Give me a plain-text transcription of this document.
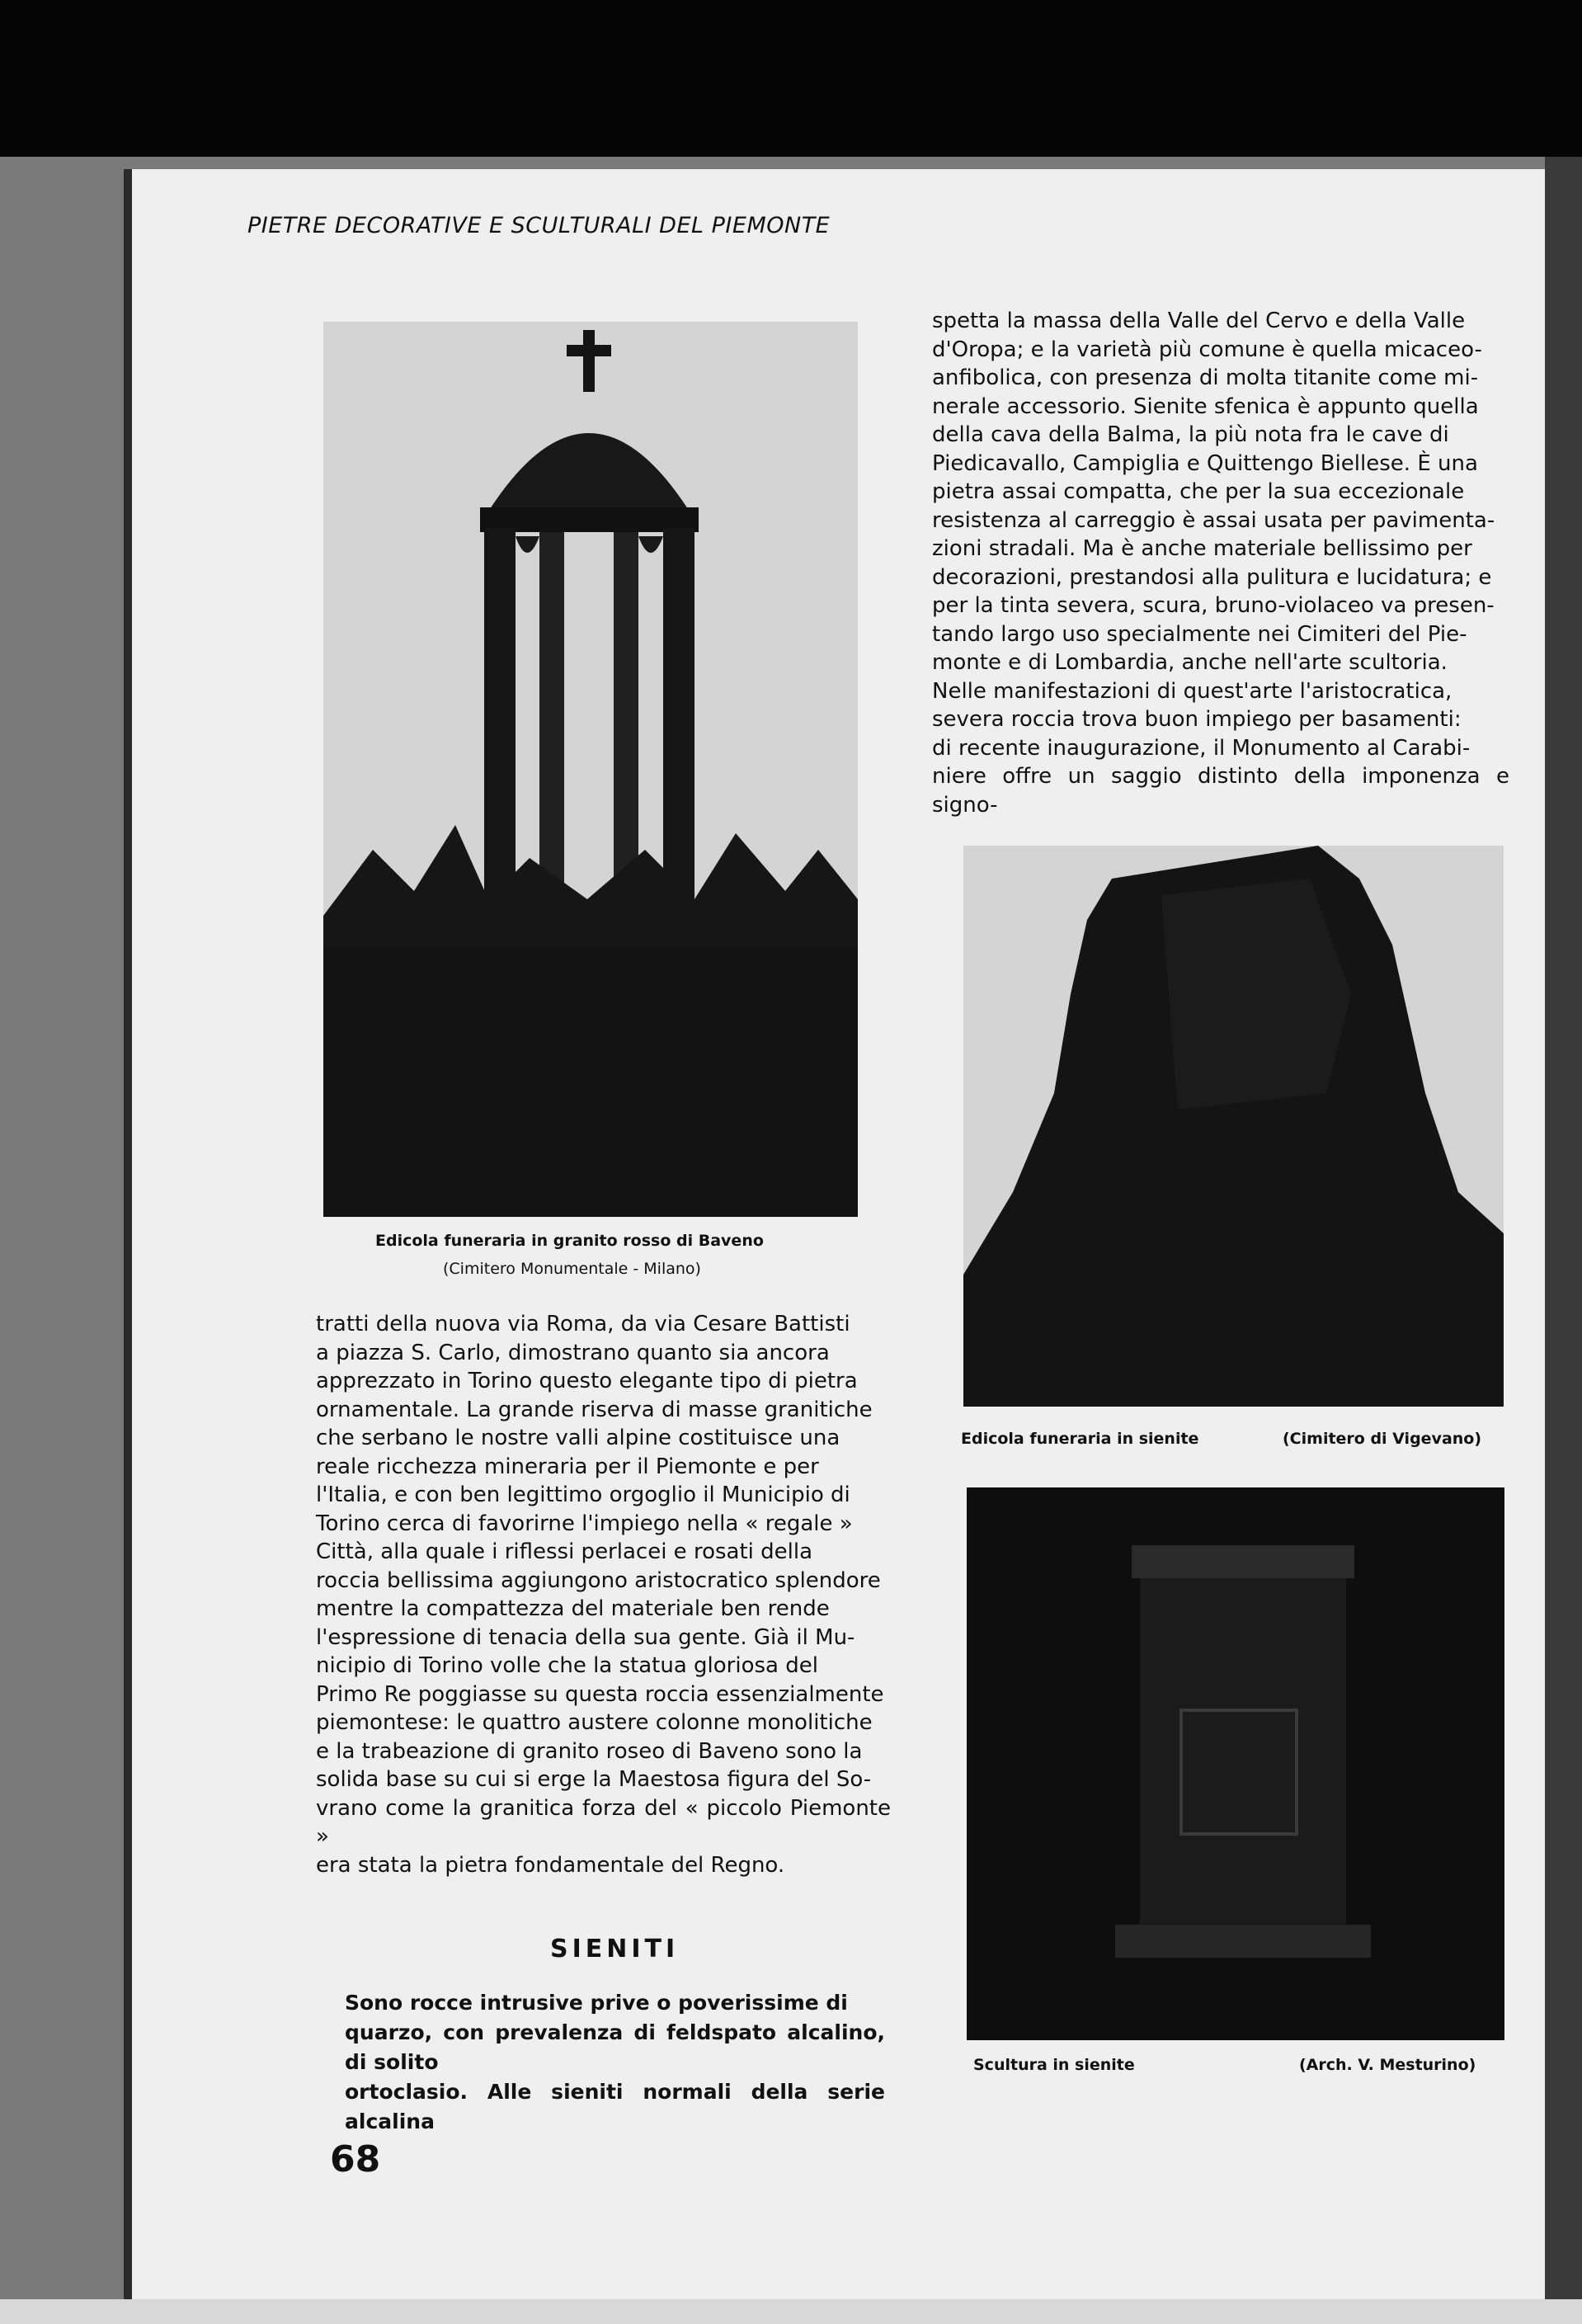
PIETRE DECORATIVE E SCULTURALI DEL PIEMONTE
Edicola funeraria in granito rosso di Baveno
(Cimitero Monumentale - Milano)
Edicola funeraria in sienite	(Cimitero di Vigevano)
Scultura in sienite	(Arch. V. Mesturino)

spetta la massa della Valle del Cervo e della Valle

d'Oropa; e la varietà più comune è quella micaceo-

anfibolica, con presenza di molta titanite come mi-

nerale accessorio. Sienite sfenica è appunto quella

della cava della Balma, la più nota fra le cave di

Piedicavallo, Campiglia e Quittengo Biellese. È una

pietra assai compatta, che per la sua eccezionale

resistenza al carreggio è assai usata per pavimenta-

zioni stradali. Ma è anche materiale bellissimo per

decorazioni, prestandosi alla pulitura e lucidatura; e

per la tinta severa, scura, bruno-violaceo va presen-

tando largo uso specialmente nei Cimiteri del Pie-

monte e di Lombardia, anche nell'arte scultoria.

Nelle manifestazioni di quest'arte l'aristocratica,

severa roccia trova buon impiego per basamenti:

di recente inaugurazione, il Monumento al Carabi-

niere offre un saggio distinto della imponenza e signo-

tratti della nuova via Roma, da via Cesare Battisti

a piazza S. Carlo, dimostrano quanto sia ancora

apprezzato in Torino questo elegante tipo di pietra

ornamentale. La grande riserva di masse granitiche

che serbano le nostre valli alpine costituisce una

reale ricchezza mineraria per il Piemonte e per

l'Italia, e con ben legittimo orgoglio il Municipio di

Torino cerca di favorirne l'impiego nella « regale »

Città, alla quale i riflessi perlacei e rosati della

roccia bellissima aggiungono aristocratico splendore

mentre la compattezza del materiale ben rende

l'espressione di tenacia della sua gente. Già il Mu-

nicipio di Torino volle che la statua gloriosa del

Primo Re poggiasse su questa roccia essenzialmente

piemontese: le quattro austere colonne monolitiche

e la trabeazione di granito roseo di Baveno sono la

solida base su cui si erge la Maestosa figura del So-

vrano come la granitica forza del « piccolo Piemonte »

era stata la pietra fondamentale del Regno.

SIENITI

Sono rocce intrusive prive o poverissime di

quarzo, con prevalenza di feldspato alcalino, di solito

ortoclasio. Alle sieniti normali della serie alcalina

68
